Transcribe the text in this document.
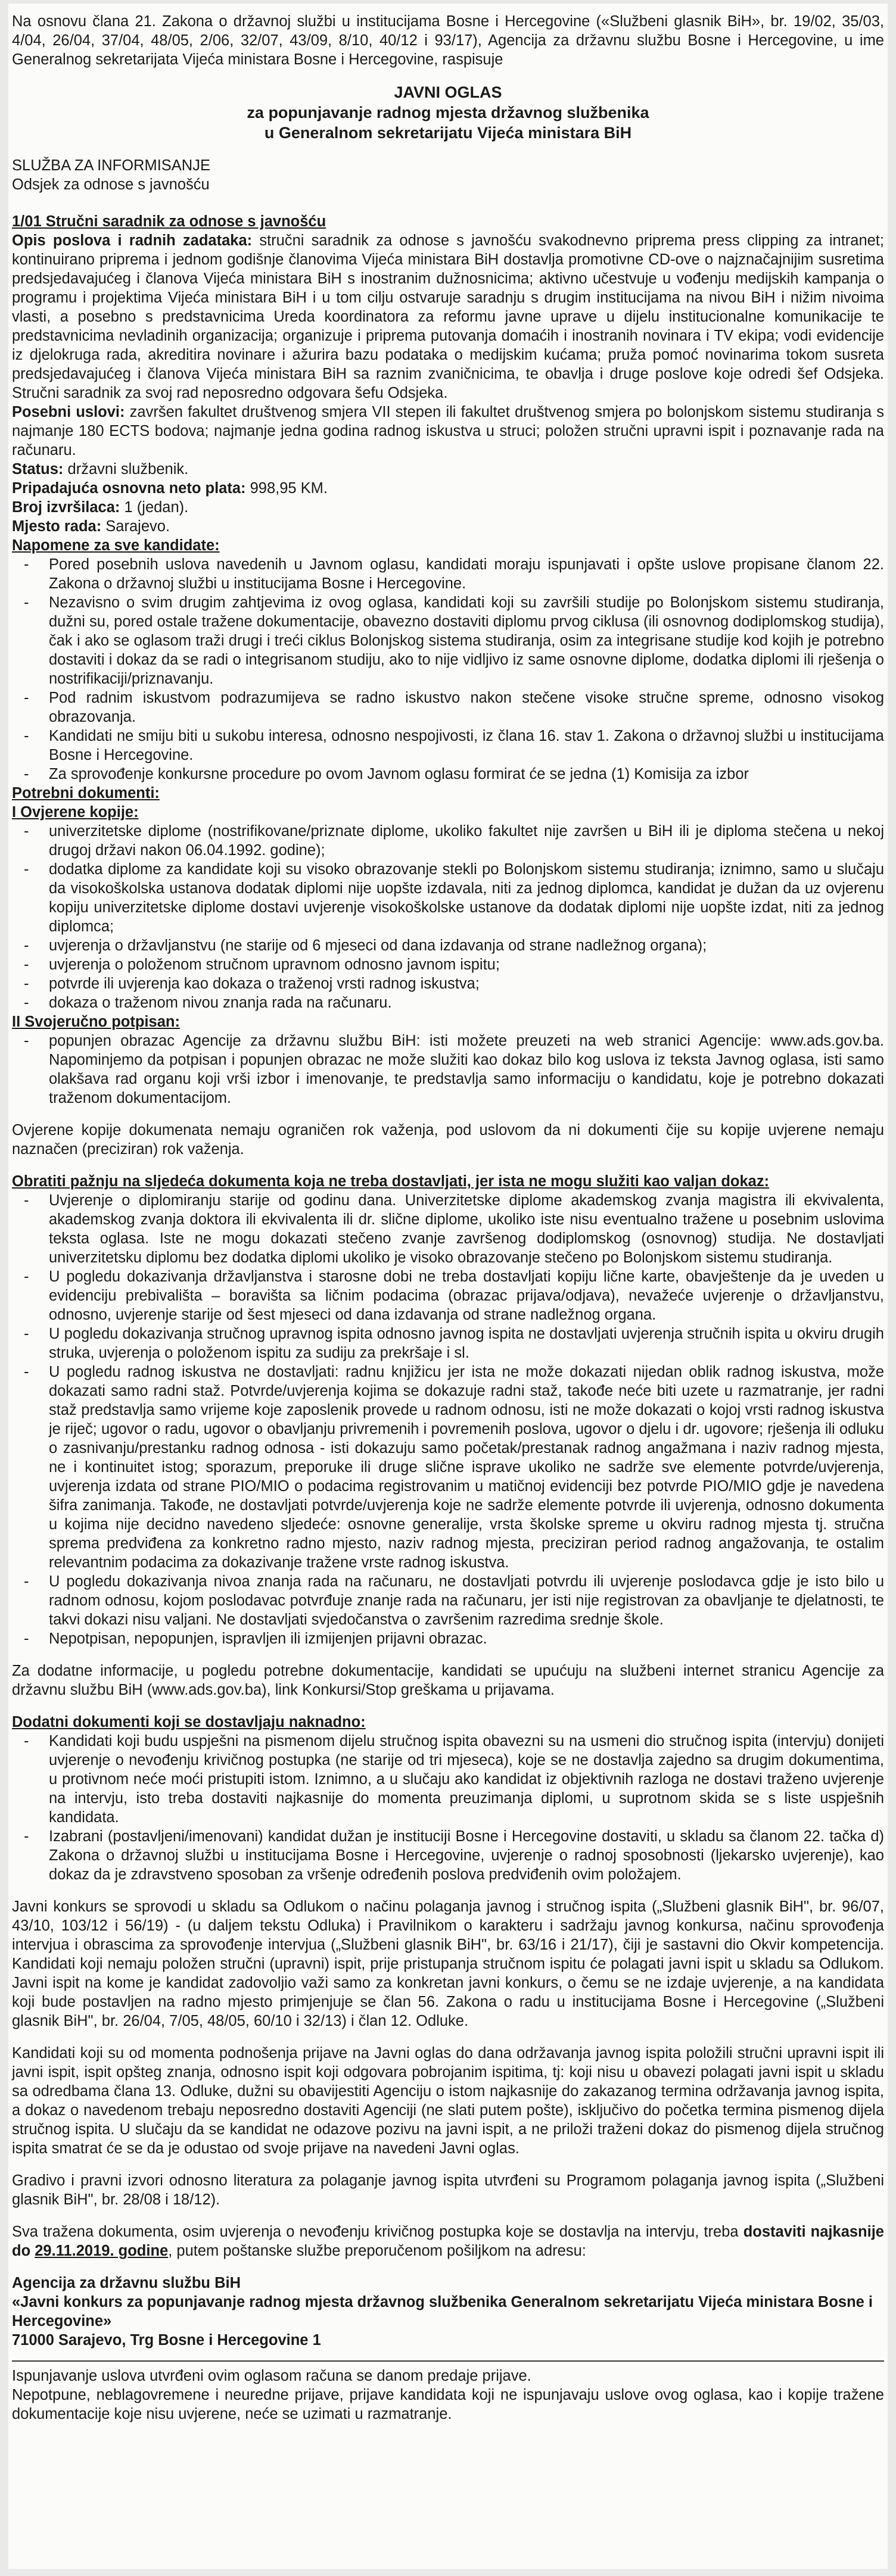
Na osnovu člana 21. Zakona o državnoj službi u institucijama Bosne i Hercegovine («Službeni glasnik BiH», br. 19/02, 35/03, 4/04, 26/04, 37/04, 48/05, 2/06, 32/07, 43/09, 8/10, 40/12 i 93/17), Agencija za državnu službu Bosne i Hercegovine, u ime Generalnog sekretarijata Vijeća ministara Bosne i Hercegovine, raspisuje

JAVNI OGLAS
za popunjavanje radnog mjesta državnog službenika
u Generalnom sekretarijatu Vijeća ministara BiH
SLUŽBA ZA INFORMISANJE
Odsjek za odnose s javnošću
1/01 Stručni saradnik za odnose s javnošću

Opis poslova i radnih zadataka: stručni saradnik za odnose s javnošću svakodnevno priprema press clipping za intranet; kontinuirano priprema i jednom godišnje članovima Vijeća ministara BiH dostavlja promotivne CD-ove o najznačajnijim susretima predsjedavajućeg i članova Vijeća ministara BiH s inostranim dužnosnicima; aktivno učestvuje u vođenju medijskih kampanja o programu i projektima Vijeća ministara BiH i u tom cilju ostvaruje saradnju s drugim institucijama na nivou BiH i nižim nivoima vlasti, a posebno s predstavnicima Ureda koordinatora za reformu javne uprave u dijelu institucionalne komunikacije te predstavnicima nevladinih organizacija; organizuje i priprema putovanja domaćih i inostranih novinara i TV ekipa; vodi evidencije iz djelokruga rada, akreditira novinare i ažurira bazu podataka o medijskim kućama; pruža pomoć novinarima tokom susreta predsjedavajućeg i članova Vijeća ministara BiH sa raznim zvaničnicima, te obavlja i druge poslove koje odredi šef Odsjeka. Stručni saradnik za svoj rad neposredno odgovara šefu Odsjeka.

Posebni uslovi: završen fakultet društvenog smjera VII stepen ili fakultet društvenog smjera po bolonjskom sistemu studiranja s najmanje 180 ECTS bodova; najmanje jedna godina radnog iskustva u struci; položen stručni upravni ispit i poznavanje rada na računaru.

Status: državni službenik.

Pripadajuća osnovna neto plata: 998,95 KM.

Broj izvršilaca: 1 (jedan).

Mjesto rada: Sarajevo.

Napomene za sve kandidate:
- Pored posebnih uslova navedenih u Javnom oglasu, kandidati moraju ispunjavati i opšte uslove propisane članom 22. Zakona o državnoj službi u institucijama Bosne i Hercegovine.
- Nezavisno o svim drugim zahtjevima iz ovog oglasa, kandidati koji su završili studije po Bolonjskom sistemu studiranja, dužni su, pored ostale tražene dokumentacije, obavezno dostaviti diplomu prvog ciklusa (ili osnovnog dodiplomskog studija), čak i ako se oglasom traži drugi i treći ciklus Bolonjskog sistema studiranja, osim za integrisane studije kod kojih je potrebno dostaviti i dokaz da se radi o integrisanom studiju, ako to nije vidljivo iz same osnovne diplome, dodatka diplomi ili rješenja o nostrifikaciji/priznavanju.
- Pod radnim iskustvom podrazumijeva se radno iskustvo nakon stečene visoke stručne spreme, odnosno visokog obrazovanja.
- Kandidati ne smiju biti u sukobu interesa, odnosno nespojivosti, iz člana 16. stav 1. Zakona o državnoj službi u institucijama Bosne i Hercegovine.
- Za sprovođenje konkursne procedure po ovom Javnom oglasu formirat će se jedna (1) Komisija za izbor
Potrebni dokumenti:
I Ovjerene kopije:
- univerzitetske diplome (nostrifikovane/priznate diplome, ukoliko fakultet nije završen u BiH ili je diploma stečena u nekoj drugoj državi nakon 06.04.1992. godine);
- dodatka diplome za kandidate koji su visoko obrazovanje stekli po Bolonjskom sistemu studiranja; iznimno, samo u slučaju da visokoškolska ustanova dodatak diplomi nije uopšte izdavala, niti za jednog diplomca, kandidat je dužan da uz ovjerenu kopiju univerzitetske diplome dostavi uvjerenje visokoškolske ustanove da dodatak diplomi nije uopšte izdat, niti za jednog diplomca;
- uvjerenja o državljanstvu (ne starije od 6 mjeseci od dana izdavanja od strane nadležnog organa);
- uvjerenja o položenom stručnom upravnom odnosno javnom ispitu;
- potvrde ili uvjerenja kao dokaza o traženoj vrsti radnog iskustva;
- dokaza o traženom nivou znanja rada na računaru.
II Svojeručno potpisan:
- popunjen obrazac Agencije za državnu službu BiH: isti možete preuzeti na web stranici Agencije: www.ads.gov.ba. Napominjemo da potpisan i popunjen obrazac ne može služiti kao dokaz bilo kog uslova iz teksta Javnog oglasa, isti samo olakšava rad organu koji vrši izbor i imenovanje, te predstavlja samo informaciju o kandidatu, koje je potrebno dokazati traženom dokumentacijom.

Ovjerene kopije dokumenata nemaju ograničen rok važenja, pod uslovom da ni dokumenti čije su kopije uvjerene nemaju naznačen (preciziran) rok važenja.

Obratiti pažnju na sljedeća dokumenta koja ne treba dostavljati, jer ista ne mogu služiti kao valjan dokaz:
- Uvjerenje o diplomiranju starije od godinu dana. Univerzitetske diplome akademskog zvanja magistra ili ekvivalenta, akademskog zvanja doktora ili ekvivalenta ili dr. slične diplome, ukoliko iste nisu eventualno tražene u posebnim uslovima teksta oglasa. Iste ne mogu dokazati stečeno zvanje završenog dodiplomskog (osnovnog) studija. Ne dostavljati univerzitetsku diplomu bez dodatka diplomi ukoliko je visoko obrazovanje stečeno po Bolonjskom sistemu studiranja.
- U pogledu dokazivanja državljanstva i starosne dobi ne treba dostavljati kopiju lične karte, obavještenje da je uveden u evidenciju prebivališta – boravišta sa ličnim podacima (obrazac prijava/odjava), nevažeće uvjerenje o državljanstvu, odnosno, uvjerenje starije od šest mjeseci od dana izdavanja od strane nadležnog organa.
- U pogledu dokazivanja stručnog upravnog ispita odnosno javnog ispita ne dostavljati uvjerenja stručnih ispita u okviru drugih struka, uvjerenja o položenom ispitu za sudiju za prekršaje i sl.
- U pogledu radnog iskustva ne dostavljati: radnu knjižicu jer ista ne može dokazati nijedan oblik radnog iskustva, može dokazati samo radni staž. Potvrde/uvjerenja kojima se dokazuje radni staž, takođe neće biti uzete u razmatranje, jer radni staž predstavlja samo vrijeme koje zaposlenik provede u radnom odnosu, isti ne može dokazati o kojoj vrsti radnog iskustva je riječ; ugovor o radu, ugovor o obavljanju privremenih i povremenih poslova, ugovor o djelu i dr. ugovore; rješenja ili odluku o zasnivanju/prestanku radnog odnosa - isti dokazuju samo početak/prestanak radnog angažmana i naziv radnog mjesta, ne i kontinuitet istog; sporazum, preporuke ili druge slične isprave ukoliko ne sadrže sve elemente potvrde/uvjerenja, uvjerenja izdata od strane PIO/MIO o podacima registrovanim u matičnoj evidenciji bez potvrde PIO/MIO gdje je navedena šifra zanimanja. Takođe, ne dostavljati potvrde/uvjerenja koje ne sadrže elemente potvrde ili uvjerenja, odnosno dokumenta u kojima nije decidno navedeno sljedeće: osnovne generalije, vrsta školske spreme u okviru radnog mjesta tj. stručna sprema predviđena za konkretno radno mjesto, naziv radnog mjesta, preciziran period radnog angažovanja, te ostalim relevantnim podacima za dokazivanje tražene vrste radnog iskustva.
- U pogledu dokazivanja nivoa znanja rada na računaru, ne dostavljati potvrdu ili uvjerenje poslodavca gdje je isto bilo u radnom odnosu, kojom poslodavac potvrđuje znanje rada na računaru, jer isti nije registrovan za obavljanje te djelatnosti, te takvi dokazi nisu valjani. Ne dostavljati svjedočanstva o završenim razredima srednje škole.
- Nepotpisan, nepopunjen, ispravljen ili izmijenjen prijavni obrazac.

Za dodatne informacije, u pogledu potrebne dokumentacije, kandidati se upućuju na službeni internet stranicu Agencije za državnu službu BiH (www.ads.gov.ba), link Konkursi/Stop greškama u prijavama.

Dodatni dokumenti koji se dostavljaju naknadno:
- Kandidati koji budu uspješni na pismenom dijelu stručnog ispita obavezni su na usmeni dio stručnog ispita (intervju) donijeti uvjerenje o nevođenju krivičnog postupka (ne starije od tri mjeseca), koje se ne dostavlja zajedno sa drugim dokumentima, u protivnom neće moći pristupiti istom. Iznimno, a u slučaju ako kandidat iz objektivnih razloga ne dostavi traženo uvjerenje na intervju, isto treba dostaviti najkasnije do momenta preuzimanja diplomi, u suprotnom skida se s liste uspješnih kandidata.
- Izabrani (postavljeni/imenovani) kandidat dužan je instituciji Bosne i Hercegovine dostaviti, u skladu sa članom 22. tačka d) Zakona o državnoj službi u institucijama Bosne i Hercegovine, uvjerenje o radnoj sposobnosti (ljekarsko uvjerenje), kao dokaz da je zdravstveno sposoban za vršenje određenih poslova predviđenih ovim položajem.

Javni konkurs se sprovodi u skladu sa Odlukom o načinu polaganja javnog i stručnog ispita („Službeni glasnik BiH", br. 96/07, 43/10, 103/12 i 56/19) - (u daljem tekstu Odluka) i Pravilnikom o karakteru i sadržaju javnog konkursa, načinu sprovođenja intervjua i obrascima za sprovođenje intervjua („Službeni glasnik BiH", br. 63/16 i 21/17), čiji je sastavni dio Okvir kompetencija. Kandidati koji nemaju položen stručni (upravni) ispit, prije pristupanja stručnom ispitu će polagati javni ispit u skladu sa Odlukom. Javni ispit na kome je kandidat zadovoljio važi samo za konkretan javni konkurs, o čemu se ne izdaje uvjerenje, a na kandidata koji bude postavljen na radno mjesto primjenjuje se član 56. Zakona o radu u institucijama Bosne i Hercegovine („Službeni glasnik BiH", br. 26/04, 7/05, 48/05, 60/10 i 32/13) i član 12. Odluke.

Kandidati koji su od momenta podnošenja prijave na Javni oglas do dana održavanja javnog ispita položili stručni upravni ispit ili javni ispit, ispit opšteg znanja, odnosno ispit koji odgovara pobrojanim ispitima, tj: koji nisu u obavezi polagati javni ispit u skladu sa odredbama člana 13. Odluke, dužni su obavijestiti Agenciju o istom najkasnije do zakazanog termina održavanja javnog ispita, a dokaz o navedenom trebaju neposredno dostaviti Agenciji (ne slati putem pošte), isključivo do početka termina pismenog dijela stručnog ispita. U slučaju da se kandidat ne odazove pozivu na javni ispit, a ne priloži traženi dokaz do pismenog dijela stručnog ispita smatrat će se da je odustao od svoje prijave na navedeni Javni oglas.

Gradivo i pravni izvori odnosno literatura za polaganje javnog ispita utvrđeni su Programom polaganja javnog ispita („Službeni glasnik BiH", br. 28/08 i 18/12).

Sva tražena dokumenta, osim uvjerenja o nevođenju krivičnog postupka koje se dostavlja na intervju, treba dostaviti najkasnije do 29.11.2019. godine, putem poštanske službe preporučenom pošiljkom na adresu:

Agencija za državnu službu BiH
«Javni konkurs za popunjavanje radnog mjesta državnog službenika Generalnom sekretarijatu Vijeća ministara Bosne i Hercegovine»
71000 Sarajevo, Trg Bosne i Hercegovine 1

Ispunjavanje uslova utvrđeni ovim oglasom računa se danom predaje prijave.

Nepotpune, neblagovremene i neuredne prijave, prijave kandidata koji ne ispunjavaju uslove ovog oglasa, kao i kopije tražene dokumentacije koje nisu uvjerene, neće se uzimati u razmatranje.
